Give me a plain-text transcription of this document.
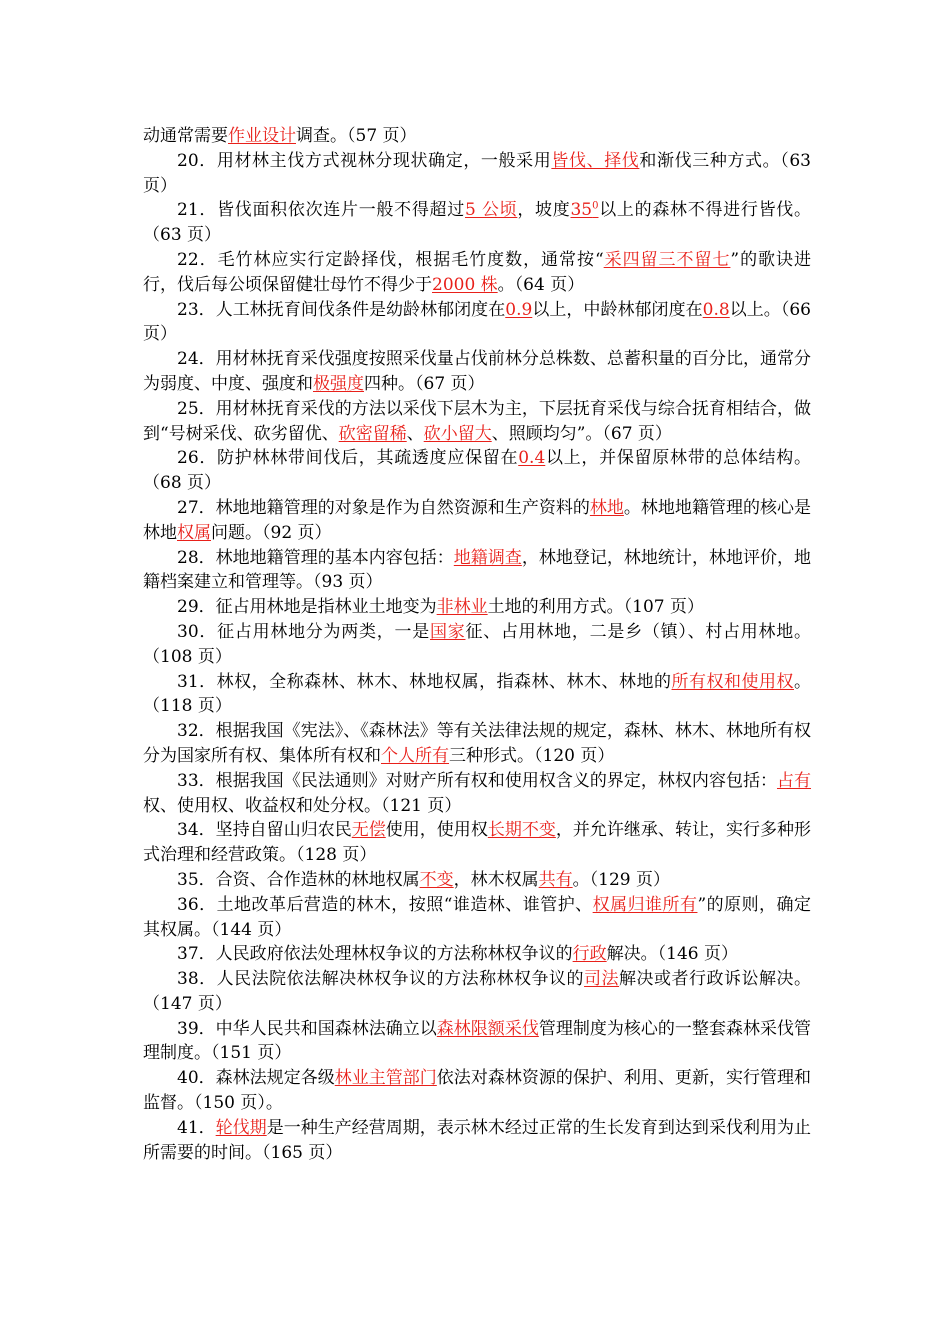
动通常需要作业设计调查。（57 页）

20．用材林主伐方式视林分现状确定，一般采用皆伐、择伐和渐伐三种方式。（63 页）

21．皆伐面积依次连片一般不得超过5 公顷，坡度$35^0$以上的森林不得进行皆伐。（63 页）

22．毛竹林应实行定龄择伐，根据毛竹度数，通常按“采四留三不留七”的歌诀进行，伐后每公顷保留健壮母竹不得少于2000 株。（64 页）

23．人工林抚育间伐条件是幼龄林郁闭度在0.9以上，中龄林郁闭度在0.8以上。（66 页）

24．用材林抚育采伐强度按照采伐量占伐前林分总株数、总蓄积量的百分比，通常分为弱度、中度、强度和极强度四种。（67 页）

25．用材林抚育采伐的方法以采伐下层木为主，下层抚育采伐与综合抚育相结合，做到“号树采伐、砍劣留优、砍密留稀、砍小留大、照顾均匀”。（67 页）

26．防护林林带间伐后，其疏透度应保留在0.4以上，并保留原林带的总体结构。（68 页）

27．林地地籍管理的对象是作为自然资源和生产资料的林地。林地地籍管理的核心是林地权属问题。（92 页）

28．林地地籍管理的基本内容包括：地籍调查，林地登记，林地统计，林地评价，地籍档案建立和管理等。（93 页）

29．征占用林地是指林业土地变为非林业土地的利用方式。（107 页）

30．征占用林地分为两类，一是国家征、占用林地，二是乡（镇）、村占用林地。（108 页）

31．林权，全称森林、林木、林地权属，指森林、林木、林地的所有权和使用权。（118 页）

32．根据我国《宪法》、《森林法》等有关法律法规的规定，森林、林木、林地所有权分为国家所有权、集体所有权和个人所有三种形式。（120 页）

33．根据我国《民法通则》对财产所有权和使用权含义的界定，林权内容包括：占有权、使用权、收益权和处分权。（121 页）

34．坚持自留山归农民无偿使用，使用权长期不变，并允许继承、转让，实行多种形式治理和经营政策。（128 页）

35．合资、合作造林的林地权属不变，林木权属共有。（129 页）

36．土地改革后营造的林木，按照“谁造林、谁管护、权属归谁所有”的原则，确定其权属。（144 页）

37．人民政府依法处理林权争议的方法称林权争议的行政解决。（146 页）

38．人民法院依法解决林权争议的方法称林权争议的司法解决或者行政诉讼解决。（147 页）

39．中华人民共和国森林法确立以森林限额采伐管理制度为核心的一整套森林采伐管理制度。（151 页）

40．森林法规定各级林业主管部门依法对森林资源的保护、利用、更新，实行管理和监督。（150 页）。

41．轮伐期是一种生产经营周期，表示林木经过正常的生长发育到达到采伐利用为止所需要的时间。（165 页）
